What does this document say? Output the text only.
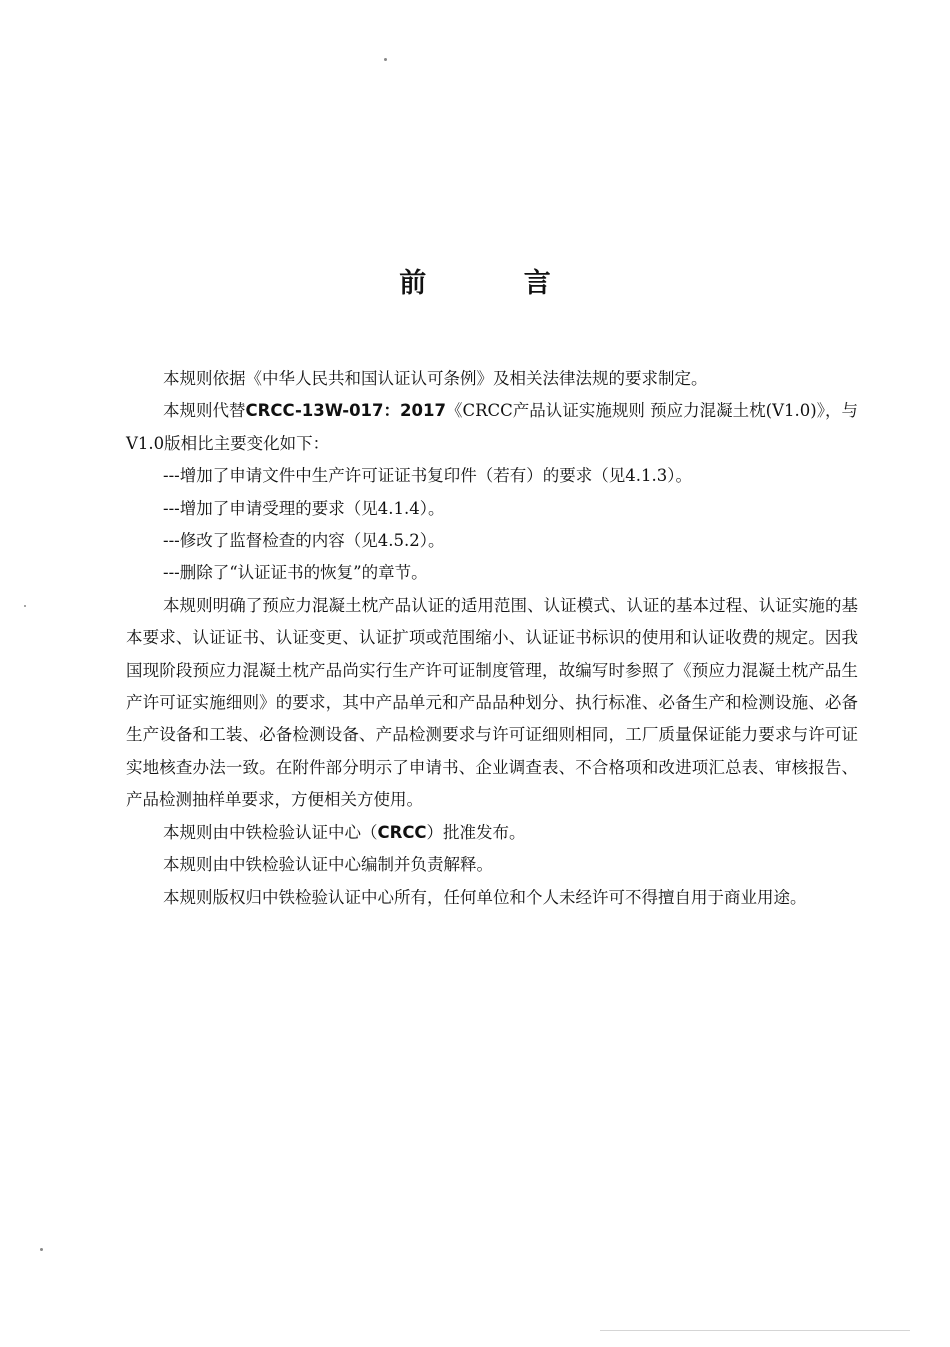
前 言

本规则依据《中华人民共和国认证认可条例》及相关法律法规的要求制定。

本规则代替CRCC-13W-017：2017《CRCC产品认证实施规则 预应力混凝土枕(V1.0)》，与V1.0版相比主要变化如下：

---增加了申请文件中生产许可证证书复印件（若有）的要求（见4.1.3）。

---增加了申请受理的要求（见4.1.4）。

---修改了监督检查的内容（见4.5.2）。

---删除了“认证证书的恢复”的章节。

本规则明确了预应力混凝土枕产品认证的适用范围、认证模式、认证的基本过程、认证实施的基本要求、认证证书、认证变更、认证扩项或范围缩小、认证证书标识的使用和认证收费的规定。因我国现阶段预应力混凝土枕产品尚实行生产许可证制度管理，故编写时参照了《预应力混凝土枕产品生产许可证实施细则》的要求，其中产品单元和产品品种划分、执行标准、必备生产和检测设施、必备生产设备和工装、必备检测设备、产品检测要求与许可证细则相同，工厂质量保证能力要求与许可证实地核查办法一致。在附件部分明示了申请书、企业调查表、不合格项和改进项汇总表、审核报告、产品检测抽样单要求，方便相关方使用。

本规则由中铁检验认证中心（CRCC）批准发布。

本规则由中铁检验认证中心编制并负责解释。

本规则版权归中铁检验认证中心所有，任何单位和个人未经许可不得擅自用于商业用途。
